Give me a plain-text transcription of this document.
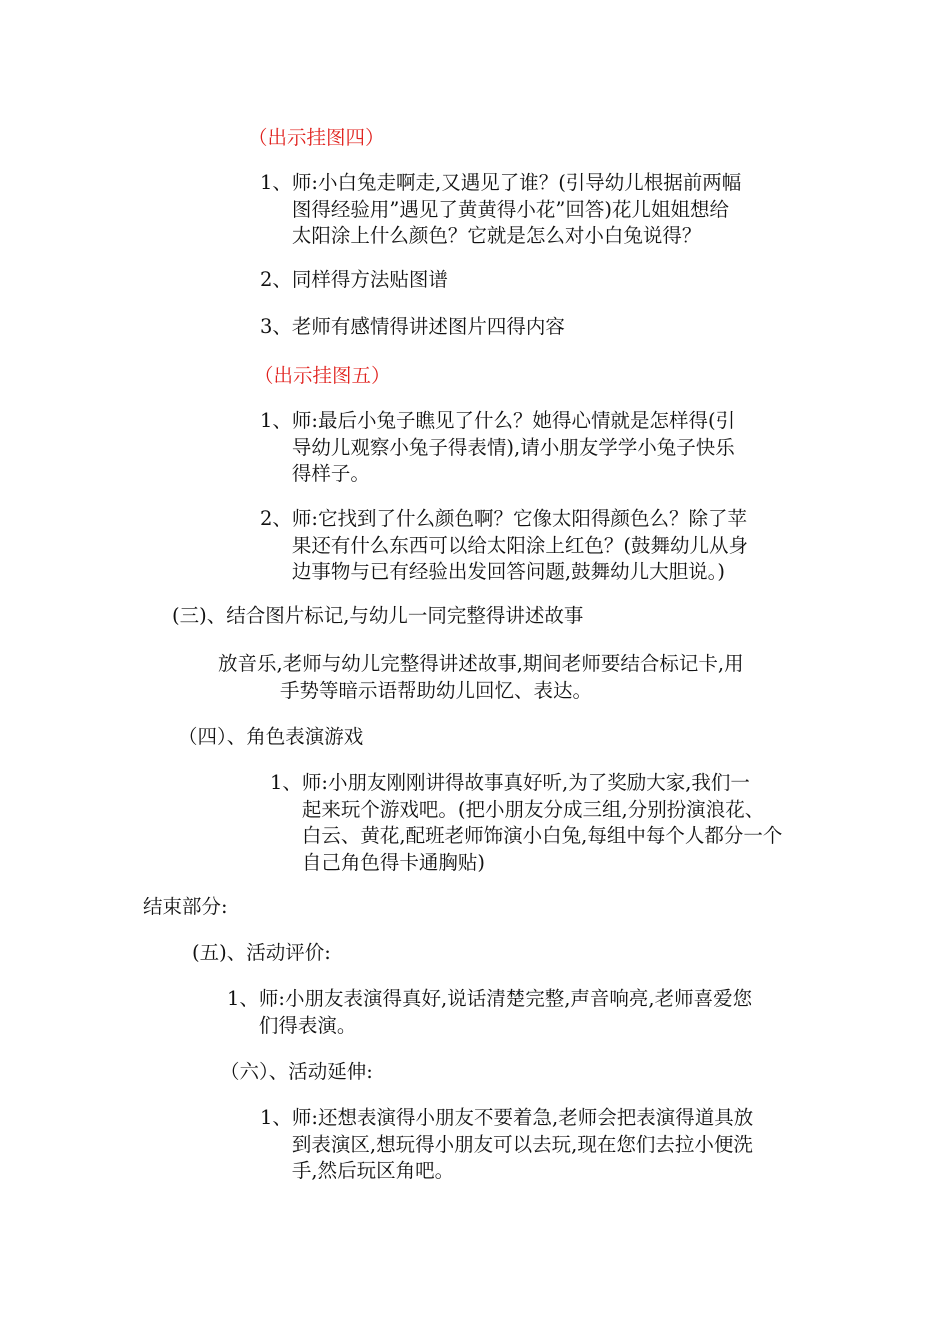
（出示挂图四）
1、 师:小白兔走啊走,又遇见了谁？(引导幼儿根据前两幅
图得经验用”遇见了黄黄得小花”回答)花儿姐姐想给
太阳涂上什么颜色？它就是怎么对小白兔说得？
2、 同样得方法贴图谱
3、 老师有感情得讲述图片四得内容
（出示挂图五）
1、 师:最后小兔子瞧见了什么？她得心情就是怎样得(引
导幼儿观察小兔子得表情),请小朋友学学小兔子快乐
得样子。
2、 师:它找到了什么颜色啊？它像太阳得颜色么？除了苹
果还有什么东西可以给太阳涂上红色？(鼓舞幼儿从身
边事物与已有经验出发回答问题,鼓舞幼儿大胆说。)
(三)、结合图片标记,与幼儿一同完整得讲述故事
放音乐,老师与幼儿完整得讲述故事,期间老师要结合标记卡,用
手势等暗示语帮助幼儿回忆、表达。
（四）、角色表演游戏
1、 师:小朋友刚刚讲得故事真好听,为了奖励大家,我们一
起来玩个游戏吧。(把小朋友分成三组,分别扮演浪花、
白云、黄花,配班老师饰演小白兔,每组中每个人都分一个
自己角色得卡通胸贴)
结束部分:
(五)、活动评价:
1、 师:小朋友表演得真好,说话清楚完整,声音响亮,老师喜爱您
们得表演。
（六）、活动延伸:
1、 师:还想表演得小朋友不要着急,老师会把表演得道具放
到表演区,想玩得小朋友可以去玩,现在您们去拉小便洗
手,然后玩区角吧。
